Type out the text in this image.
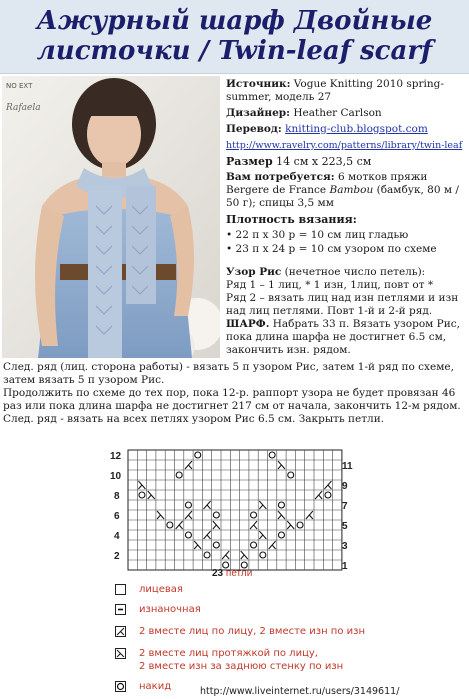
Ажурный шарф Двойные
листочки / Twin-leaf scarf
NO EXT
Rafaela

Источник: Vogue Knitting 2010 spring-summer, модель 27

Дизайнер: Heather Carlson

Перевод: knitting-club.blogspot.com

http://www.ravelry.com/patterns/library/twin-leaf

Размер 14 см x 223,5 см

Вам потребуется: 6 мотков пряжи Bergere de France Bambou (бамбук, 80 м / 50 г); спицы 3,5 мм

Плотность вязания:

• 22 п x 30 р = 10 см лиц гладью

• 23 п x 24 р = 10 см узором по схеме

Узор Рис (нечетное число петель):

Ряд 1 – 1 лиц, * 1 изн, 1лиц, повт от *

Ряд 2 – вязать лиц над изн петлями и изн над лиц петлями. Повт 1-й и 2-й ряд.

ШАРФ. Набрать 33 п. Вязать узором Рис, пока длина шарфа не достигнет 6.5 см, закончить изн. рядом.

След. ряд (лиц. сторона работы) - вязать 5 п узором Рис, затем 1-й ряд по схеме, затем вязать 5 п узором Рис.

Продолжить по схеме до тех пор, пока 12-р. раппорт узора не будет провязан 46 раз или пока длина шарфа не достигнет 217 см от начала, закончить 12-м рядом.

След. ряд - вязать на всех петлях узором Рис 6.5 см. Закрыть петли.

12
10
8
6
4
2
11
9
7
5
3
1
23 петли
лицевая
изнаночная
2 вместе лиц по лицу, 2 вместе изн по изн
2 вместе лиц протяжкой по лицу,
2 вместе изн за заднюю стенку по изн
накид	http://www.liveinternet.ru/users/3149611/
